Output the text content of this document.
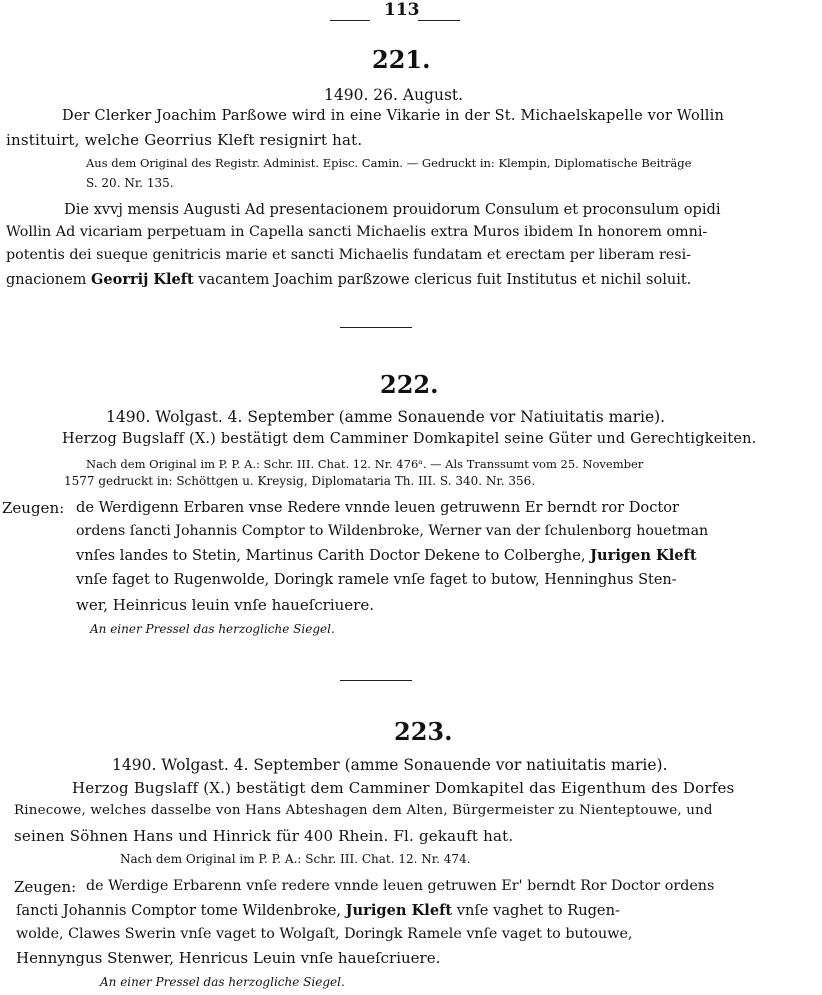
113
221.
1490. 26. August.
Der Clerker Joachim Parßowe wird in eine Vikarie in der St. Michaelskapelle vor Wollin
instituirt, welche Georrius Kleft resignirt hat.
Aus dem Original des Registr. Administ. Episc. Camin. — Gedruckt in: Klempin, Diplomatische Beiträge
S. 20. Nr. 135.
Die xvvj mensis Augusti Ad presentacionem prouidorum Consulum et proconsulum opidi
Wollin Ad vicariam perpetuam in Capella sancti Michaelis extra Muros ibidem In honorem omni-
potentis dei sueque genitricis marie et sancti Michaelis fundatam et erectam per liberam resi-
gnacionem Georrij Kleft vacantem Joachim parßzowe clericus fuit Institutus et nichil soluit.
222.
1490. Wolgast. 4. September (amme Sonauende vor Natiuitatis marie).
Herzog Bugslaff (X.) bestätigt dem Camminer Domkapitel seine Güter und Gerechtigkeiten.
Nach dem Original im P. P. A.: Schr. III. Chat. 12. Nr. 476ᵃ. — Als Transsumt vom 25. November
1577 gedruckt in: Schöttgen u. Kreysig, Diplomataria Th. III. S. 340. Nr. 356.
Zeugen: de Werdigenn Erbaren vnse Redere vnnde leuen getruwenn Er berndt ror Doctor
ordens ſancti Johannis Comptor to Wildenbroke, Werner van der ſchulenborg houetman
vnſes landes to Stetin, Martinus Carith Doctor Dekene to Colberghe, Jurigen Kleft
vnſe faget to Rugenwolde, Doringk ramele vnſe faget to butow, Henninghus Sten-
wer, Heinricus leuin vnſe haueſcriuere.
An einer Pressel das herzogliche Siegel.
223.
1490. Wolgast. 4. September (amme Sonauende vor natiuitatis marie).
Herzog Bugslaff (X.) bestätigt dem Camminer Domkapitel das Eigenthum des Dorfes
Rinecowe, welches dasselbe von Hans Abteshagen dem Alten, Bürgermeister zu Nienteptouwe, und
seinen Söhnen Hans und Hinrick für 400 Rhein. Fl. gekauft hat.
Nach dem Original im P. P. A.: Schr. III. Chat. 12. Nr. 474.
Zeugen: de Werdige Erbarenn vnſe redere vnnde leuen getruwen Er' berndt Ror Doctor ordens
ſancti Johannis Comptor tome Wildenbroke, Jurigen Kleft vnſe vaghet to Rugen-
wolde, Clawes Swerin vnſe vaget to Wolgaſt, Doringk Ramele vnſe vaget to butouwe,
Hennyngus Stenwer, Henricus Leuin vnſe haueſcriuere.
An einer Pressel das herzogliche Siegel.
